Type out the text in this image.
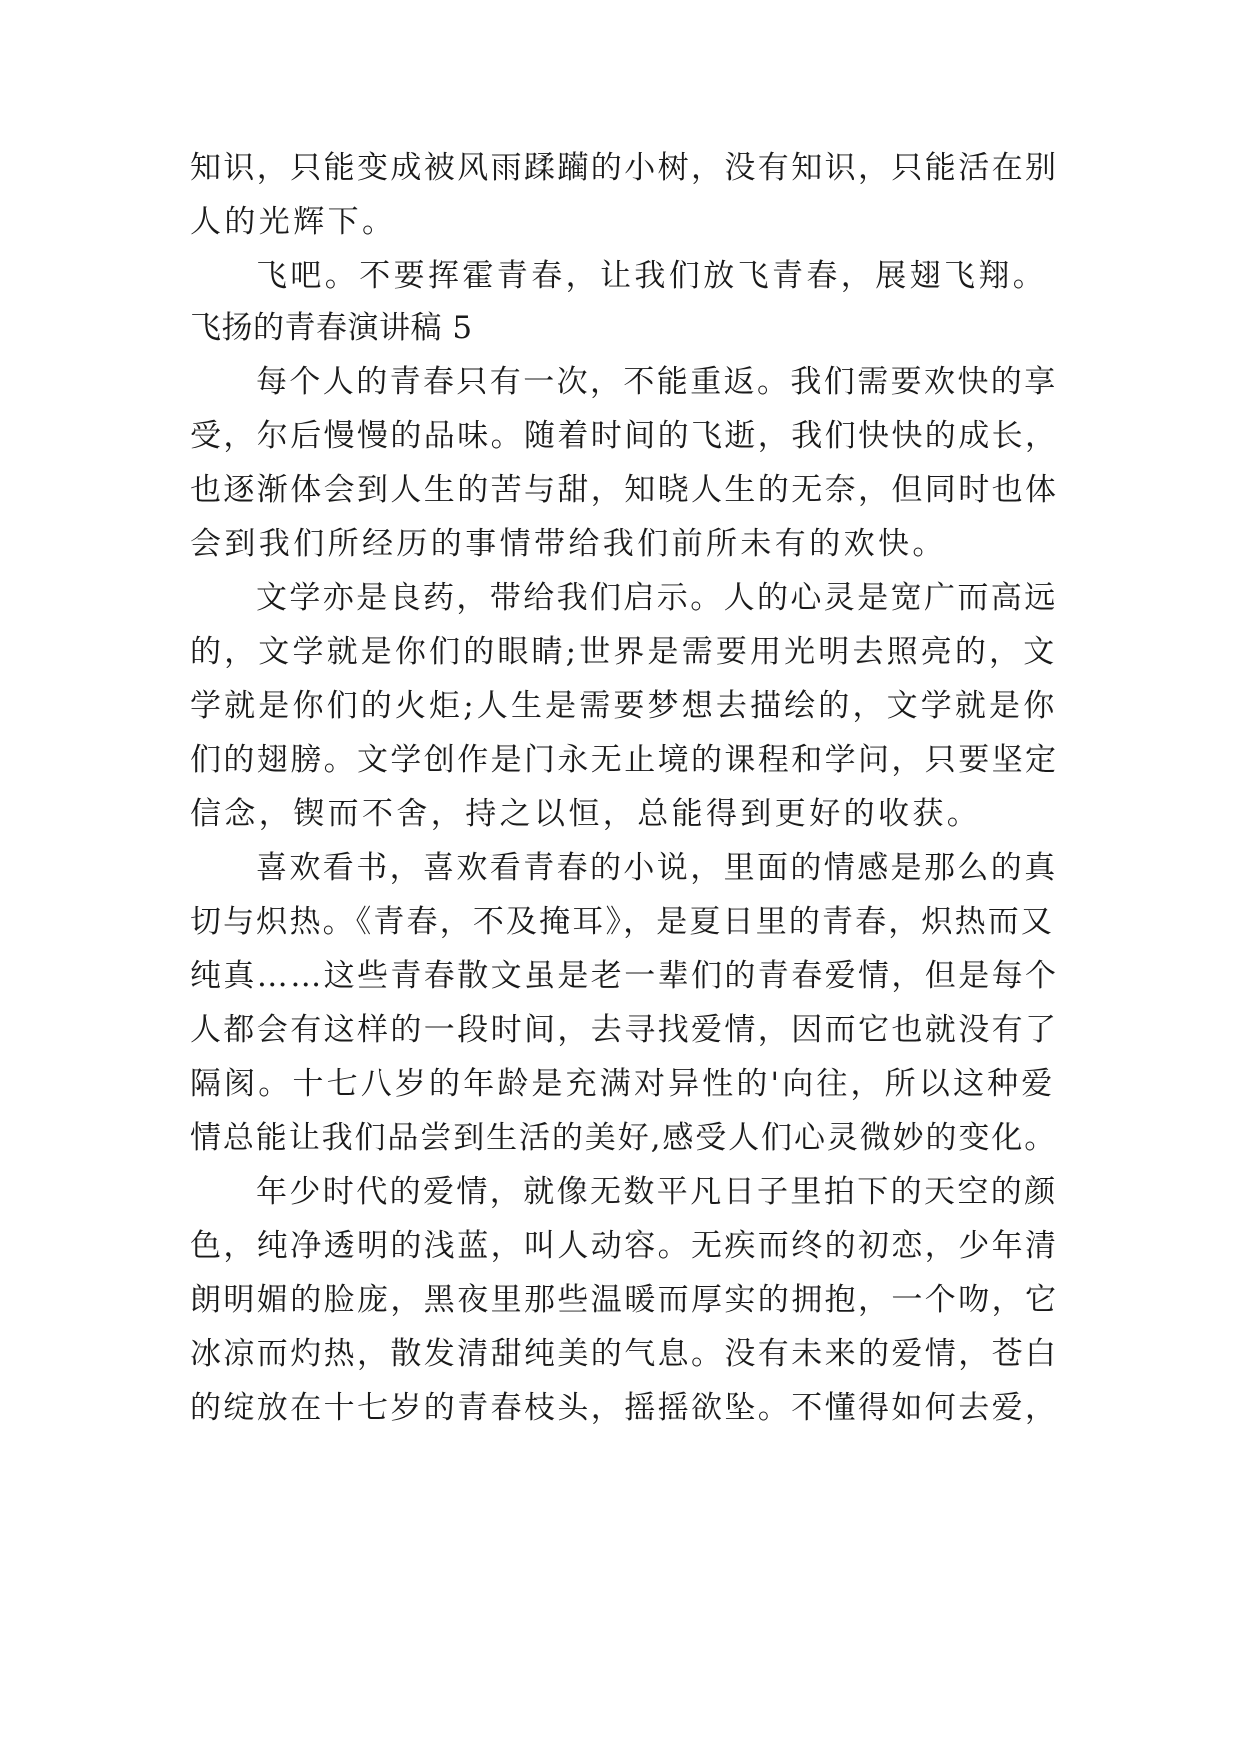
知识，只能变成被风雨蹂躏的小树，没有知识，只能活在别
人的光辉下。
飞吧。不要挥霍青春，让我们放飞青春，展翅飞翔。
飞扬的青春演讲稿 5
每个人的青春只有一次，不能重返。我们需要欢快的享
受，尔后慢慢的品味。随着时间的飞逝，我们快快的成长，
也逐渐体会到人生的苦与甜，知晓人生的无奈，但同时也体
会到我们所经历的事情带给我们前所未有的欢快。
文学亦是良药，带给我们启示。人的心灵是宽广而高远
的，文学就是你们的眼睛;世界是需要用光明去照亮的，文
学就是你们的火炬;人生是需要梦想去描绘的，文学就是你
们的翅膀。文学创作是门永无止境的课程和学问，只要坚定
信念，锲而不舍，持之以恒，总能得到更好的收获。
喜欢看书，喜欢看青春的小说，里面的情感是那么的真
切与炽热。《青春，不及掩耳》，是夏日里的青春，炽热而又
纯真……这些青春散文虽是老一辈们的青春爱情，但是每个
人都会有这样的一段时间，去寻找爱情，因而它也就没有了
隔阂。十七八岁的年龄是充满对异性的'向往，所以这种爱
情总能让我们品尝到生活的美好,感受人们心灵微妙的变化。
年少时代的爱情，就像无数平凡日子里拍下的天空的颜
色，纯净透明的浅蓝，叫人动容。无疾而终的初恋，少年清
朗明媚的脸庞，黑夜里那些温暖而厚实的拥抱，一个吻，它
冰凉而灼热，散发清甜纯美的气息。没有未来的爱情，苍白
的绽放在十七岁的青春枝头，摇摇欲坠。不懂得如何去爱，
